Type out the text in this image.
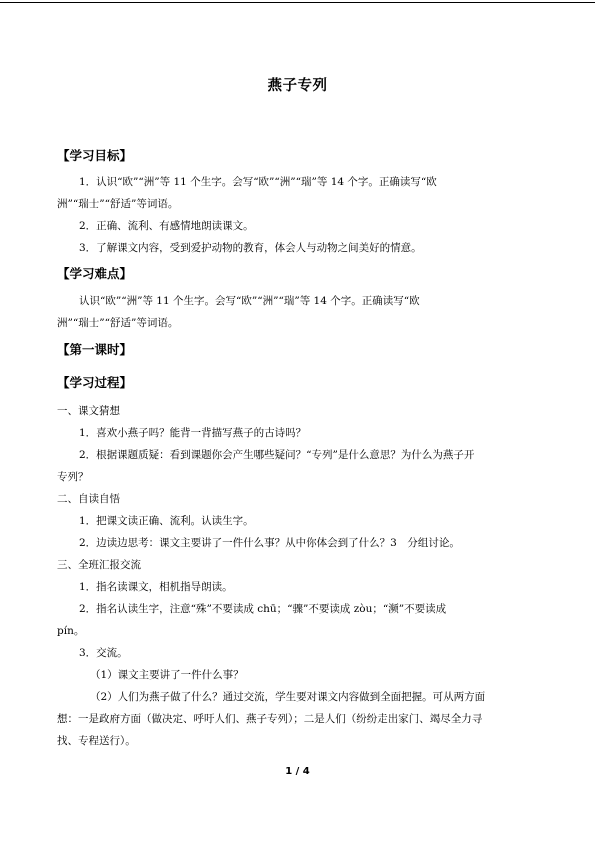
燕子专列
【学习目标】
1．认识“欧”“洲”等 11 个生字。会写“欧”“洲”“瑞”等 14 个字。正确读写“欧
洲”“瑞士”“舒适”等词语。
2．正确、流利、有感情地朗读课文。
3．了解课文内容，受到爱护动物的教育，体会人与动物之间美好的情意。
【学习难点】
认识“欧”“洲”等 11 个生字。会写“欧”“洲”“瑞”等 14 个字。正确读写“欧
洲”“瑞士”“舒适”等词语。
【第一课时】
【学习过程】
一、课文猜想
1．喜欢小燕子吗？能背一背描写燕子的古诗吗？
2．根据课题质疑：看到课题你会产生哪些疑问？“专列”是什么意思？为什么为燕子开
专列？
二、自读自悟
1．把课文读正确、流利。认读生字。
2．边读边思考：课文主要讲了一件什么事？从中你体会到了什么？3　分组讨论。
三、全班汇报交流
1．指名读课文，相机指导朗读。
2．指名认读生字，注意“殊”不要读成 chū；“骤”不要读成 zòu；“濒”不要读成
pín。
3．交流。
（1）课文主要讲了一件什么事？
（2）人们为燕子做了什么？通过交流，学生要对课文内容做到全面把握。可从两方面
想：一是政府方面（做决定、呼吁人们、燕子专列）；二是人们（纷纷走出家门、竭尽全力寻
找、专程送行）。
1 / 4
